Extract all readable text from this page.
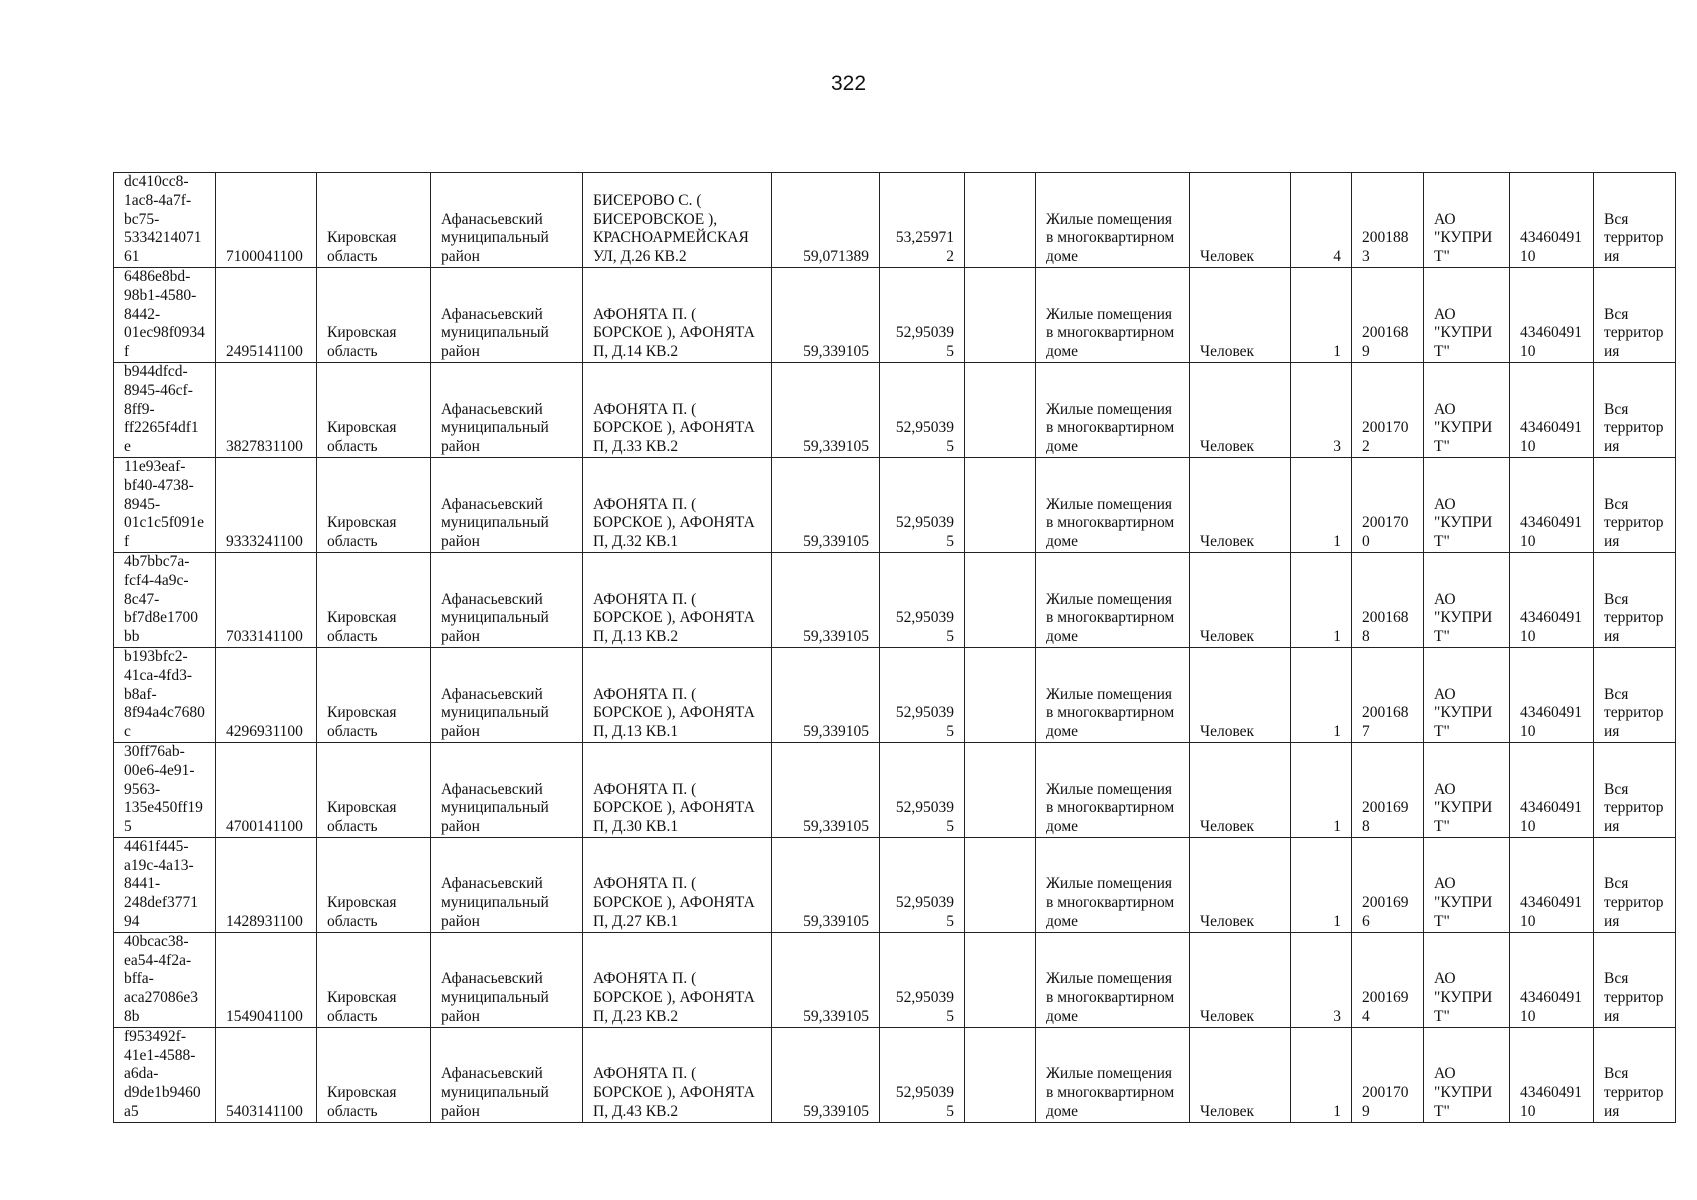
322
dc410cc8-1ac8-4a7f-bc75-533421407161	7100041100	Кировская область	Афанасьевский муниципальный район	БИСЕРОВО С. ( БИСЕРОВСКОЕ ), КРАСНОАРМЕЙСКАЯ УЛ, Д.26 КВ.2	59,071389	53,259712		Жилые помещения в многоквартирном доме	Человек	4	2001883	АО "КУПРИТ"	4346049110	Вся территория
6486e8bd-98b1-4580-8442-01ec98f0934f	2495141100	Кировская область	Афанасьевский муниципальный район	АФОНЯТА П. ( БОРСКОЕ ), АФОНЯТА П, Д.14 КВ.2	59,339105	52,950395		Жилые помещения в многоквартирном доме	Человек	1	2001689	АО "КУПРИТ"	4346049110	Вся территория
b944dfcd-8945-46cf-8ff9-ff2265f4df1e	3827831100	Кировская область	Афанасьевский муниципальный район	АФОНЯТА П. ( БОРСКОЕ ), АФОНЯТА П, Д.33 КВ.2	59,339105	52,950395		Жилые помещения в многоквартирном доме	Человек	3	2001702	АО "КУПРИТ"	4346049110	Вся территория
11e93eaf-bf40-4738-8945-01c1c5f091ef	9333241100	Кировская область	Афанасьевский муниципальный район	АФОНЯТА П. ( БОРСКОЕ ), АФОНЯТА П, Д.32 КВ.1	59,339105	52,950395		Жилые помещения в многоквартирном доме	Человек	1	2001700	АО "КУПРИТ"	4346049110	Вся территория
4b7bbc7a-fcf4-4a9c-8c47-bf7d8e1700bb	7033141100	Кировская область	Афанасьевский муниципальный район	АФОНЯТА П. ( БОРСКОЕ ), АФОНЯТА П, Д.13 КВ.2	59,339105	52,950395		Жилые помещения в многоквартирном доме	Человек	1	2001688	АО "КУПРИТ"	4346049110	Вся территория
b193bfc2-41ca-4fd3-b8af-8f94a4c7680c	4296931100	Кировская область	Афанасьевский муниципальный район	АФОНЯТА П. ( БОРСКОЕ ), АФОНЯТА П, Д.13 КВ.1	59,339105	52,950395		Жилые помещения в многоквартирном доме	Человек	1	2001687	АО "КУПРИТ"	4346049110	Вся территория
30ff76ab-00e6-4e91-9563-135e450ff195	4700141100	Кировская область	Афанасьевский муниципальный район	АФОНЯТА П. ( БОРСКОЕ ), АФОНЯТА П, Д.30 КВ.1	59,339105	52,950395		Жилые помещения в многоквартирном доме	Человек	1	2001698	АО "КУПРИТ"	4346049110	Вся территория
4461f445-a19c-4a13-8441-248def377194	1428931100	Кировская область	Афанасьевский муниципальный район	АФОНЯТА П. ( БОРСКОЕ ), АФОНЯТА П, Д.27 КВ.1	59,339105	52,950395		Жилые помещения в многоквартирном доме	Человек	1	2001696	АО "КУПРИТ"	4346049110	Вся территория
40bcac38-ea54-4f2a-bffa-aca27086e38b	1549041100	Кировская область	Афанасьевский муниципальный район	АФОНЯТА П. ( БОРСКОЕ ), АФОНЯТА П, Д.23 КВ.2	59,339105	52,950395		Жилые помещения в многоквартирном доме	Человек	3	2001694	АО "КУПРИТ"	4346049110	Вся территория
f953492f-41e1-4588-a6da-d9de1b9460a5	5403141100	Кировская область	Афанасьевский муниципальный район	АФОНЯТА П. ( БОРСКОЕ ), АФОНЯТА П, Д.43 КВ.2	59,339105	52,950395		Жилые помещения в многоквартирном доме	Человек	1	2001709	АО "КУПРИТ"	4346049110	Вся территория
